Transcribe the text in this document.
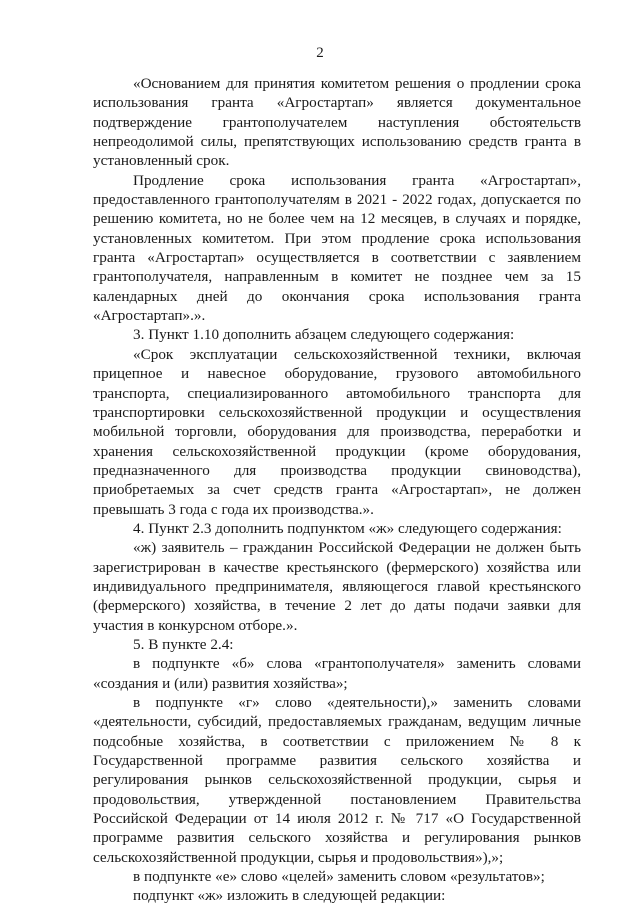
2

«Основанием для принятия комитетом решения о продлении срока использования гранта «Агростартап» является документальное подтверждение грантополучателем наступления обстоятельств непреодолимой силы, препятствующих использованию средств гранта в установленный срок.

Продление срока использования гранта «Агростартап», предоставленного грантополучателям в 2021 - 2022 годах, допускается по решению комитета, но не более чем на 12 месяцев, в случаях и порядке, установленных комитетом. При этом продление срока использования гранта «Агростартап» осуществляется в соответствии с заявлением грантополучателя, направленным в комитет не позднее чем за 15 календарных дней до окончания срока использования гранта «Агростартап».».

3. Пункт 1.10 дополнить абзацем следующего содержания:

«Срок эксплуатации сельскохозяйственной техники, включая прицепное и навесное оборудование, грузового автомобильного транспорта, специализированного автомобильного транспорта для транспортировки сельскохозяйственной продукции и осуществления мобильной торговли, оборудования для производства, переработки и хранения сельскохозяйственной продукции (кроме оборудования, предназначенного для производства продукции свиноводства), приобретаемых за счет средств гранта «Агростартап», не должен превышать 3 года с года их производства.».

4. Пункт 2.3 дополнить подпунктом «ж» следующего содержания:

«ж) заявитель – гражданин Российской Федерации не должен быть зарегистрирован в качестве крестьянского (фермерского) хозяйства или индивидуального предпринимателя, являющегося главой крестьянского (фермерского) хозяйства, в течение 2 лет до даты подачи заявки для участия в конкурсном отборе.».

5. В пункте 2.4:

в подпункте «б» слова «грантополучателя» заменить словами «создания и (или) развития хозяйства»;

в подпункте «г» слово «деятельности),» заменить словами «деятельности, субсидий, предоставляемых гражданам, ведущим личные подсобные хозяйства, в соответствии с приложением № 8 к Государственной программе развития сельского хозяйства и регулирования рынков сельскохозяйственной продукции, сырья и продовольствия, утвержденной постановлением Правительства Российской Федерации от 14 июля 2012 г. № 717 «О Государственной программе развития сельского хозяйства и регулирования рынков сельскохозяйственной продукции, сырья и продовольствия»),»;

в подпункте «е» слово «целей» заменить словом «результатов»;

подпункт «ж» изложить в следующей редакции:
